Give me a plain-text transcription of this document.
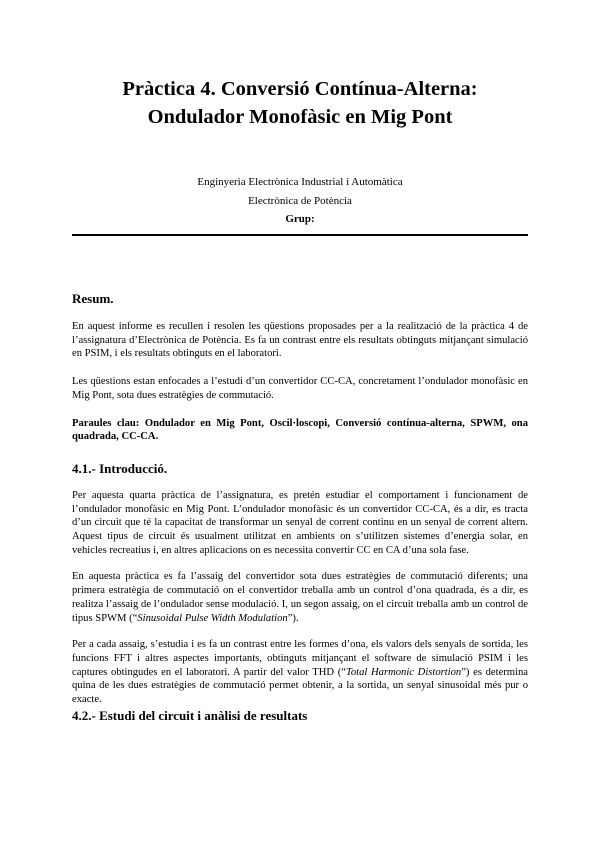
Pràctica 4. Conversió Contínua-Alterna:
Ondulador Monofàsic en Mig Pont
Enginyeria Electrònica Industrial i Automàtica
Electrònica de Potència
Grup:
Resum.

En aquest informe es recullen i resolen les qüestions proposades per a la realització de la pràctica 4 de l’assignatura d’Electrònica de Potència. Es fa un contrast entre els resultats obtinguts mitjançant simulació en PSIM, i els resultats obtinguts en el laboratori.

Les qüestions estan enfocades a l’estudi d’un convertidor CC-CA, concretament l’ondulador monofàsic en Mig Pont, sota dues estratègies de commutació.

Paraules clau: Ondulador en Mig Pont, Oscil·loscopi, Conversió contínua-alterna, SPWM, ona quadrada, CC-CA.

4.1.- Introducció.

Per aquesta quarta pràctica de l’assignatura, es pretén estudiar el comportament i funcionament de l’ondulador monofàsic en Mig Pont. L’ondulador monofàsic és un convertidor CC-CA, és a dir, es tracta d’un circuit que té la capacitat de transformar un senyal de corrent continu en un senyal de corrent altern. Aquest tipus de circuit és usualment utilitzat en ambients on s’utilitzen sistemes d’energia solar, en vehicles recreatius i, en altres aplicacions on es necessita convertir CC en CA d’una sola fase.

En aquesta pràctica es fa l’assaig del convertidor sota dues estratègies de commutació diferents; una primera estratègia de commutació on el convertidor treballa amb un control d’ona quadrada, és a dir, es realitza l’assaig de l’ondulador sense modulació. I, un segon assaig, on el circuit treballa amb un control de tipus SPWM (“Sinusoidal Pulse Width Modulation”).

Per a cada assaig, s’estudia i es fa un contrast entre les formes d’ona, els valors dels senyals de sortida, les funcions FFT i altres aspectes importants, obtinguts mitjançant el software de simulació PSIM i les captures obtingudes en el laboratori. A partir del valor THD (“Total Harmonic Distortion”) es determina quina de les dues estratègies de commutació permet obtenir, a la sortida, un senyal sinusoidal més pur o exacte.

4.2.- Estudi del circuit i anàlisi de resultats
